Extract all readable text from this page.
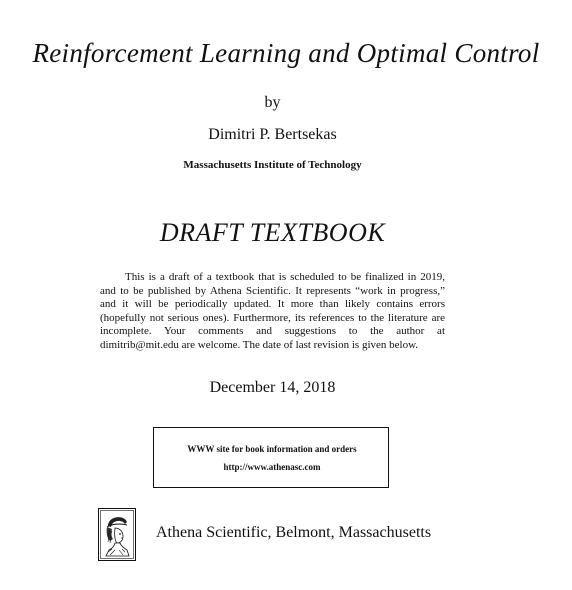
Reinforcement Learning and Optimal Control
by
Dimitri P. Bertsekas
Massachusetts Institute of Technology
DRAFT TEXTBOOK
This is a draft of a textbook that is scheduled to be finalized in 2019, and to be published by Athena Scientific. It represents “work in progress,” and it will be periodically updated. It more than likely contains errors (hopefully not serious ones). Furthermore, its references to the literature are incomplete. Your comments and suggestions to the author at dimitrib@mit.edu are welcome. The date of last revision is given below.
December 14, 2018
WWW site for book information and orders
http://www.athenasc.com
Athena Scientific, Belmont, Massachusetts
